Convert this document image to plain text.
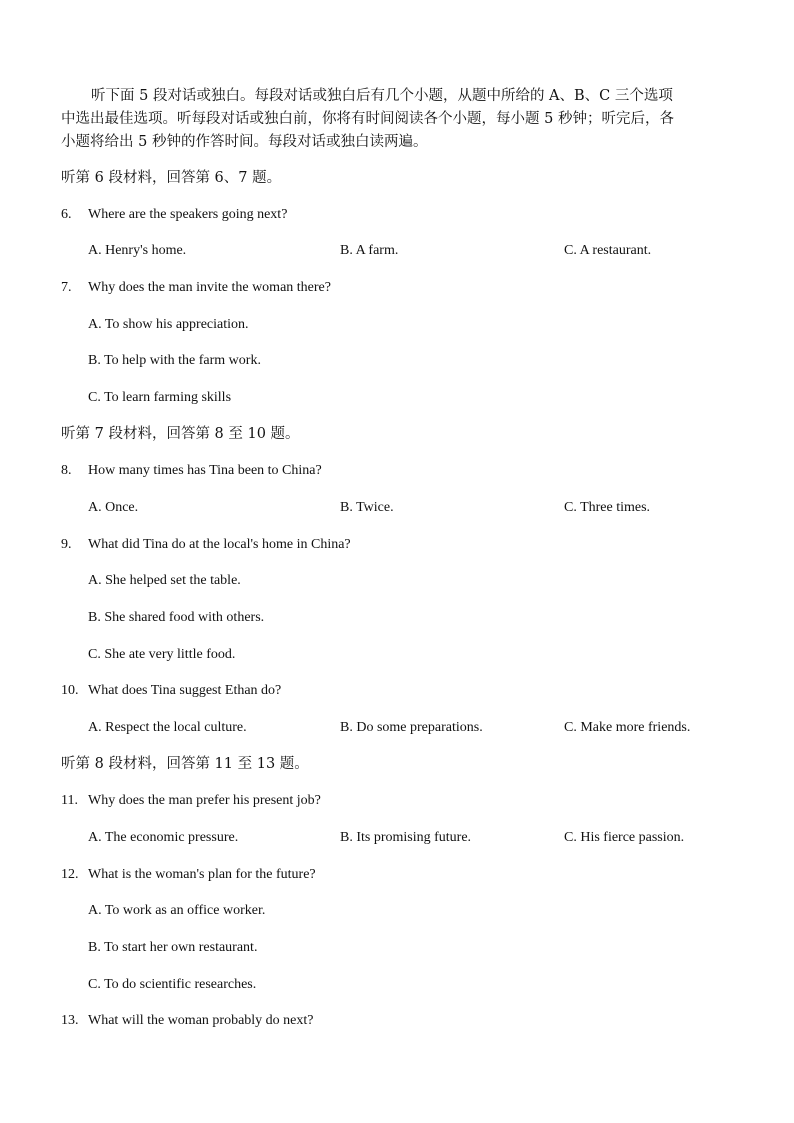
听下面 5 段对话或独白。每段对话或独白后有几个小题，从题中所给的 A、B、C 三个选项
中选出最佳选项。听每段对话或独白前，你将有时间阅读各个小题，每小题 5 秒钟；听完后，各
小题将给出 5 秒钟的作答时间。每段对话或独白读两遍。
听第 6 段材料，回答第 6、7 题。
6. Where are the speakers going next?
A. Henry's home.	B. A farm.	C. A restaurant.
7. Why does the man invite the woman there?
A. To show his appreciation.
B. To help with the farm work.
C. To learn farming skills
听第 7 段材料，回答第 8 至 10 题。
8. How many times has Tina been to China?
A. Once.	B. Twice.	C. Three times.
9. What did Tina do at the local's home in China?
A. She helped set the table.
B. She shared food with others.
C. She ate very little food.
10. What does Tina suggest Ethan do?
A. Respect the local culture.	B. Do some preparations.	C. Make more friends.
听第 8 段材料，回答第 11 至 13 题。
11. Why does the man prefer his present job?
A. The economic pressure.	B. Its promising future.	C. His fierce passion.
12. What is the woman's plan for the future?
A. To work as an office worker.
B. To start her own restaurant.
C. To do scientific researches.
13. What will the woman probably do next?
